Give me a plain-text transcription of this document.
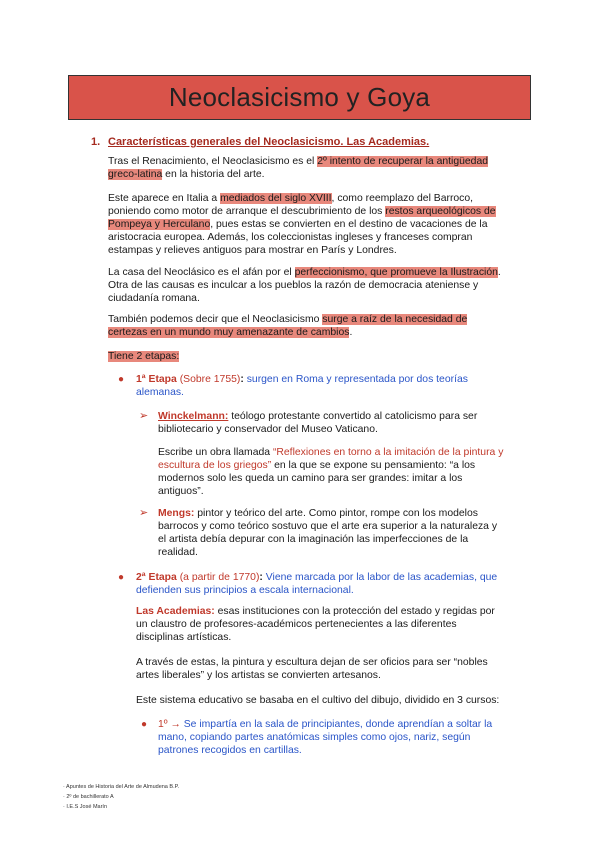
Neoclasicismo y Goya
1. Características generales del Neoclasicismo. Las Academias.
Tras el Renacimiento, el Neoclasicismo es el 2º intento de recuperar la antigüedad
greco-latina en la historia del arte.
Este aparece en Italia a mediados del siglo XVIII, como reemplazo del Barroco,
poniendo como motor de arranque el descubrimiento de los restos arqueológicos de
Pompeya y Herculano, pues estas se convierten en el destino de vacaciones de la
aristocracia europea. Además, los coleccionistas ingleses y franceses compran
estampas y relieves antiguos para mostrar en París y Londres.
La casa del Neoclásico es el afán por el perfeccionismo, que promueve la Ilustración.
Otra de las causas es inculcar a los pueblos la razón de democracia ateniense y
ciudadanía romana.
También podemos decir que el Neoclasicismo surge a raíz de la necesidad de
certezas en un mundo muy amenazante de cambios.
Tiene 2 etapas:
● 1ª Etapa (Sobre 1755): surgen en Roma y representada por dos teorías
alemanas.
➢ Winckelmann: teólogo protestante convertido al catolicismo para ser
bibliotecario y conservador del Museo Vaticano.
Escribe un obra llamada “Reflexiones en torno a la imitación de la pintura y
escultura de los griegos” en la que se expone su pensamiento: “a los
modernos solo les queda un camino para ser grandes: imitar a los
antiguos”.
➢ Mengs: pintor y teórico del arte. Como pintor, rompe con los modelos
barrocos y como teórico sostuvo que el arte era superior a la naturaleza y
el artista debía depurar con la imaginación las imperfecciones de la
realidad.
● 2ª Etapa (a partir de 1770): Viene marcada por la labor de las academias, que
defienden sus principios a escala internacional.
Las Academias: esas instituciones con la protección del estado y regidas por
un claustro de profesores-académicos pertenecientes a las diferentes
disciplinas artísticas.
A través de estas, la pintura y escultura dejan de ser oficios para ser “nobles
artes liberales” y los artistas se convierten artesanos.
Este sistema educativo se basaba en el cultivo del dibujo, dividido en 3 cursos:
● 1º → Se impartía en la sala de principiantes, donde aprendían a soltar la
mano, copiando partes anatómicas simples como ojos, nariz, según
patrones recogidos en cartillas.
· Apuntes de Historia del Arte de Almudena B.P.
· 2º de bachillerato A
· I.E.S José Marín
